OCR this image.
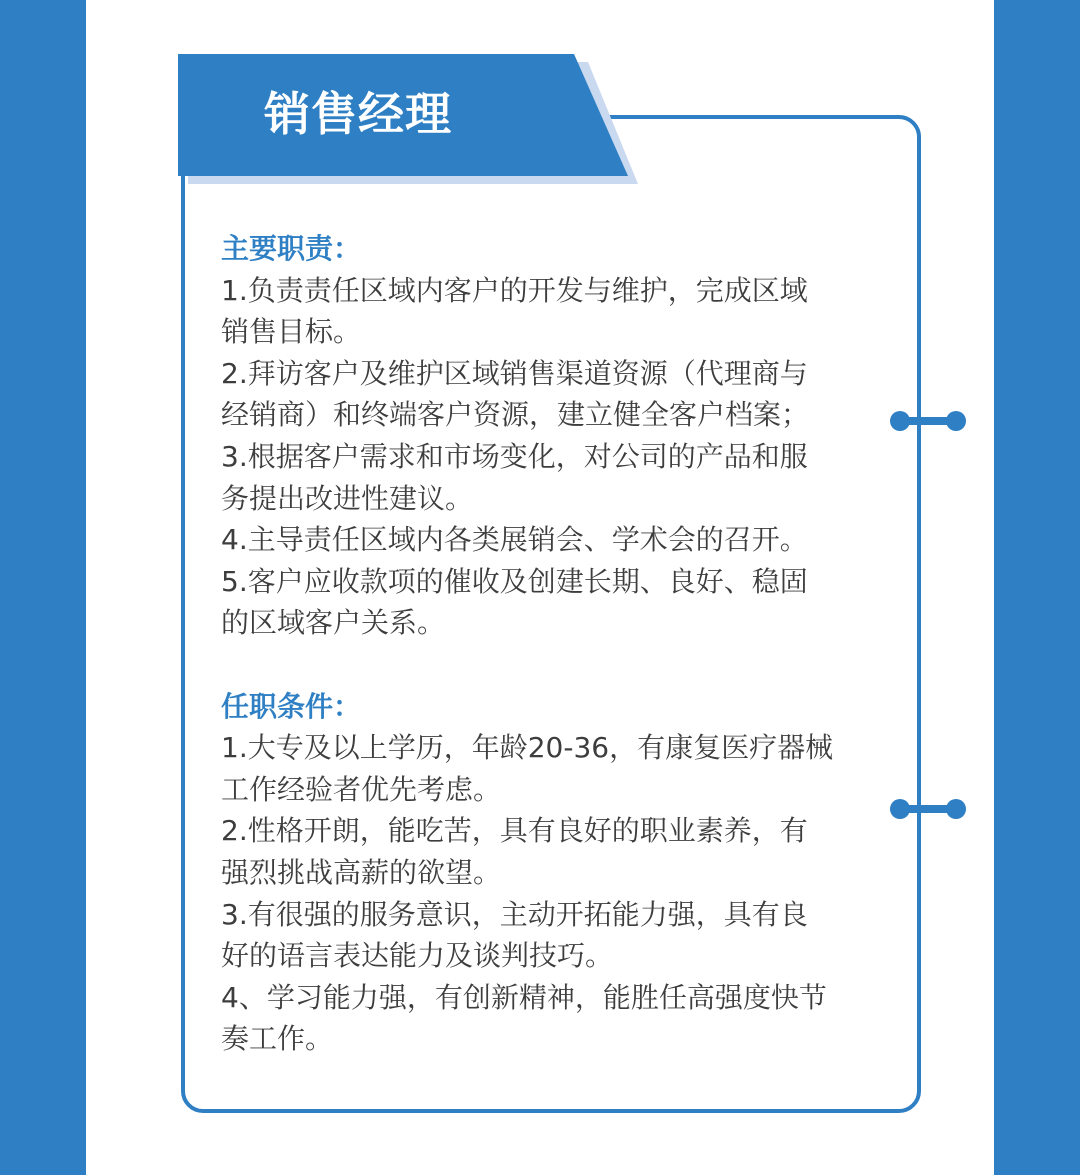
销售经理

主要职责：

1.负责责任区域内客户的开发与维护，完成区域

销售目标。

2.拜访客户及维护区域销售渠道资源（代理商与

经销商）和终端客户资源，建立健全客户档案；

3.根据客户需求和市场变化，对公司的产品和服

务提出改进性建议。

4.主导责任区域内各类展销会、学术会的召开。

5.客户应收款项的催收及创建长期、良好、稳固

的区域客户关系。

任职条件：

1.大专及以上学历，年龄20-36，有康复医疗器械

工作经验者优先考虑。

2.性格开朗，能吃苦，具有良好的职业素养，有

强烈挑战高薪的欲望。

3.有很强的服务意识，主动开拓能力强，具有良

好的语言表达能力及谈判技巧。

4、学习能力强，有创新精神，能胜任高强度快节

奏工作。
